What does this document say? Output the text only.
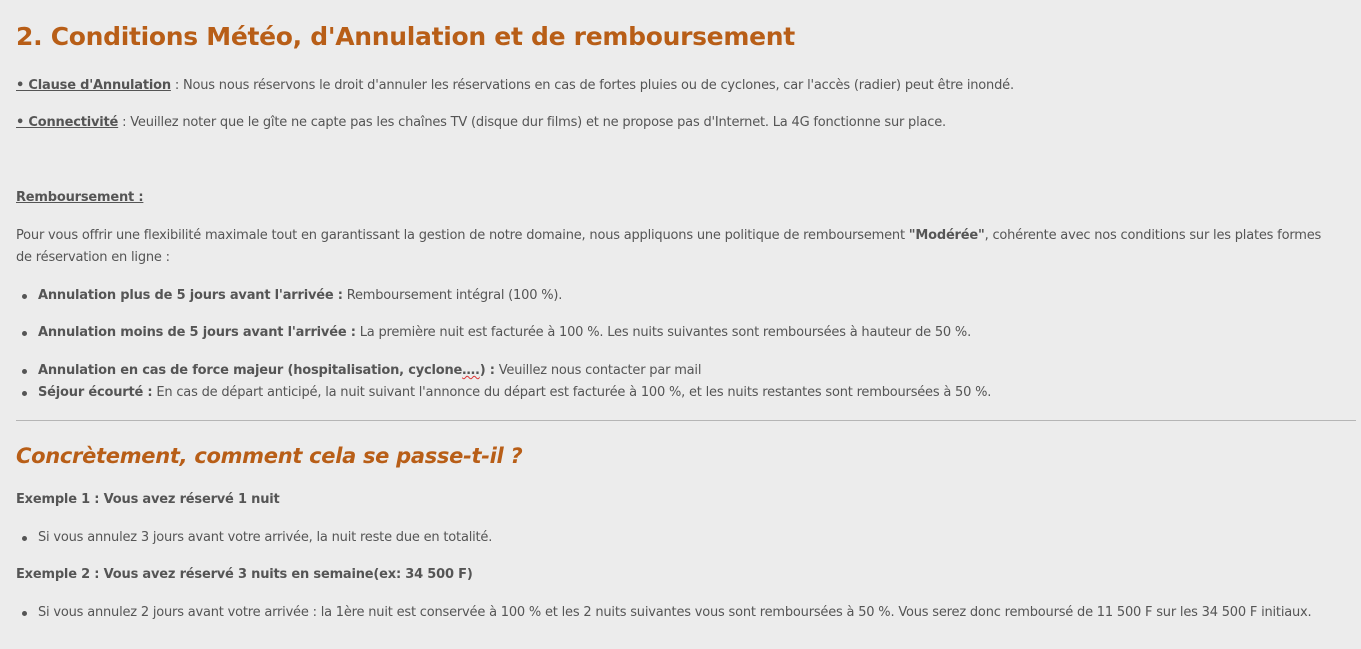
2. Conditions Météo, d'Annulation et de remboursement

• Clause d'Annulation : Nous nous réservons le droit d'annuler les réservations en cas de fortes pluies ou de cyclones, car l'accès (radier) peut être inondé.

• Connectivité : Veuillez noter que le gîte ne capte pas les chaînes TV (disque dur films) et ne propose pas d'Internet. La 4G fonctionne sur place.

Remboursement :

Pour vous offrir une flexibilité maximale tout en garantissant la gestion de notre domaine, nous appliquons une politique de remboursement "Modérée", cohérente avec nos conditions sur les plates formes de réservation en ligne :

Annulation plus de 5 jours avant l'arrivée : Remboursement intégral (100 %).
Annulation moins de 5 jours avant l'arrivée : La première nuit est facturée à 100 %. Les nuits suivantes sont remboursées à hauteur de 50 %.
Annulation en cas de force majeur (hospitalisation, cyclone….) : Veuillez nous contacter par mail
Séjour écourté : En cas de départ anticipé, la nuit suivant l'annonce du départ est facturée à 100 %, et les nuits restantes sont remboursées à 50 %.
Concrètement, comment cela se passe-t-il ?

Exemple 1 : Vous avez réservé 1 nuit

Si vous annulez 3 jours avant votre arrivée, la nuit reste due en totalité.

Exemple 2 : Vous avez réservé 3 nuits en semaine(ex: 34 500 F)

Si vous annulez 2 jours avant votre arrivée : la 1ère nuit est conservée à 100 % et les 2 nuits suivantes vous sont remboursées à 50 %. Vous serez donc remboursé de 11 500 F sur les 34 500 F initiaux.
